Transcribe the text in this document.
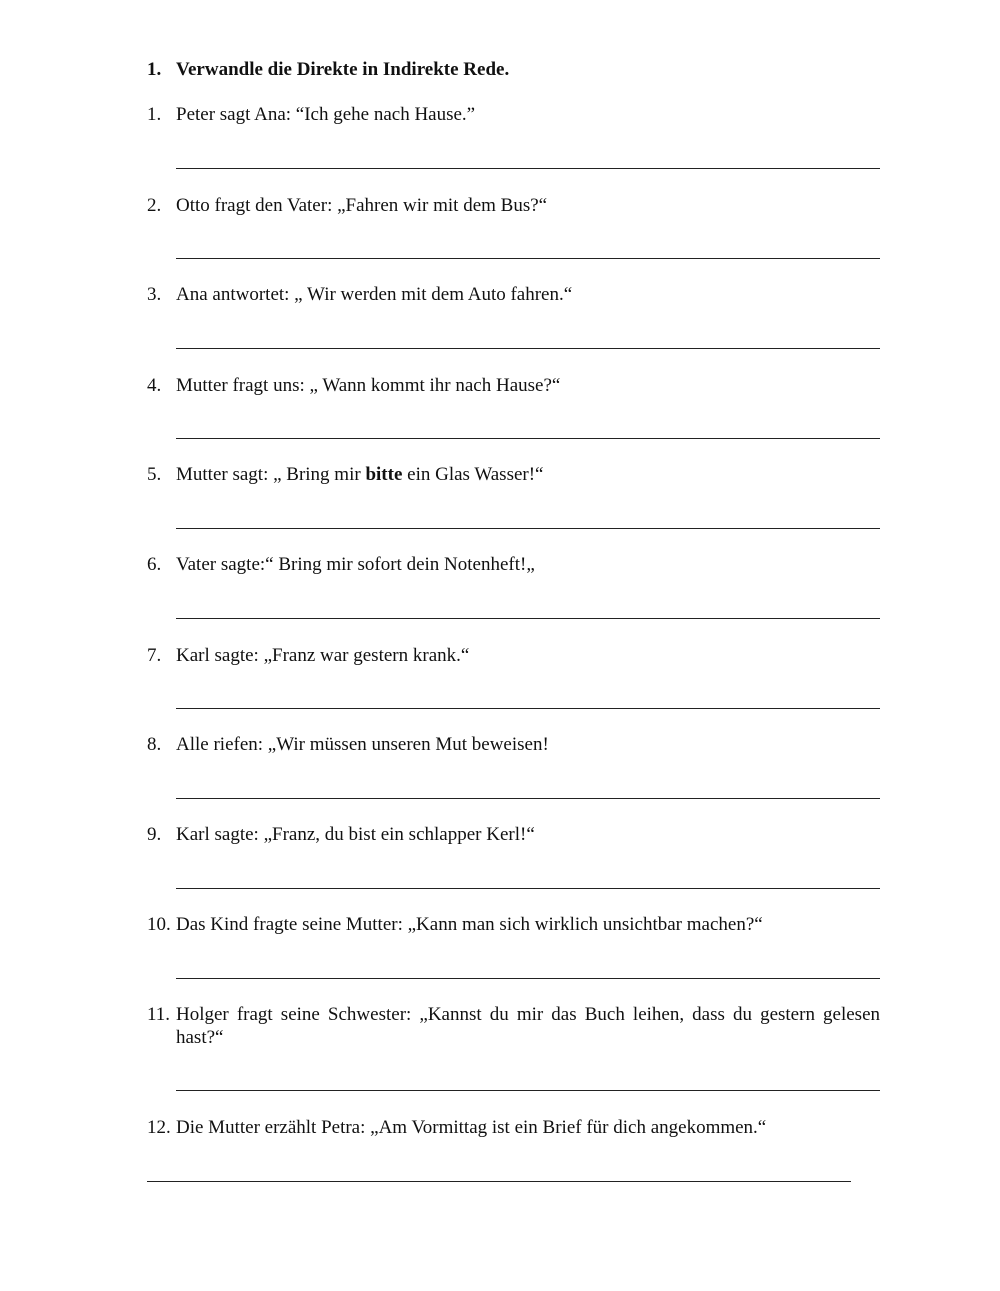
1. Verwandle die Direkte in Indirekte Rede.
1. Peter sagt Ana: “Ich gehe nach Hause.”
2. Otto fragt den Vater: „Fahren wir mit dem Bus?“
3. Ana antwortet: „ Wir werden mit dem Auto fahren.“
4. Mutter fragt uns: „ Wann kommt ihr nach Hause?“
5. Mutter sagt: „ Bring mir bitte ein Glas Wasser!“
6. Vater sagte:“ Bring mir sofort dein Notenheft!„
7. Karl sagte: „Franz war gestern krank.“
8. Alle riefen: „Wir müssen unseren Mut beweisen!
9. Karl sagte: „Franz, du bist ein schlapper Kerl!“
10. Das Kind fragte seine Mutter: „Kann man sich wirklich unsichtbar machen?“
11. Holger fragt seine Schwester: „Kannst du mir das Buch leihen, dass du gestern gelesen hast?“
12. Die Mutter erzählt Petra: „Am Vormittag ist ein Brief für dich angekommen.“
